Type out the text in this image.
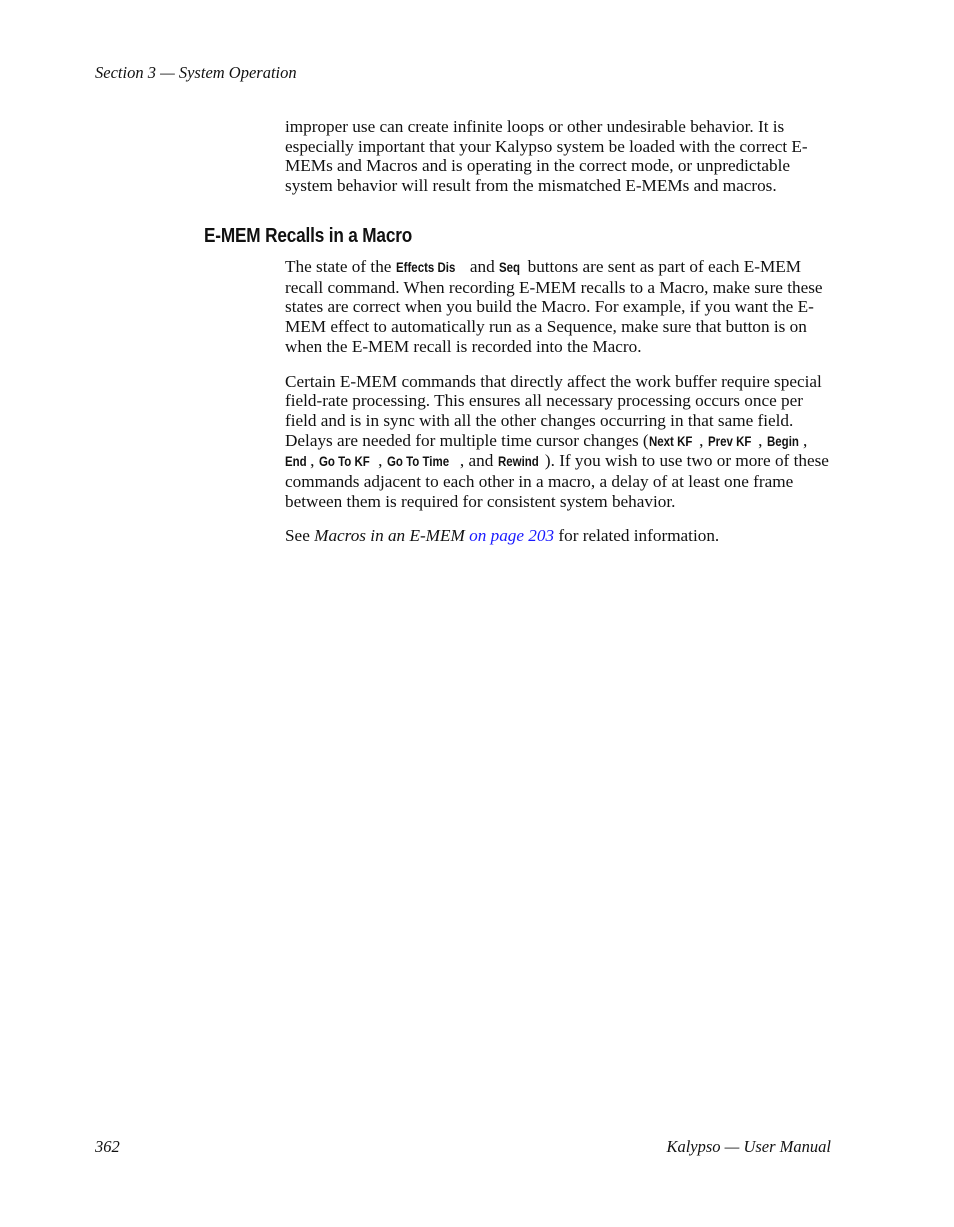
Section 3 — System Operation

improper use can create infinite loops or other undesirable behavior. It is especially important that your Kalypso system be loaded with the correct E-MEMs and Macros and is operating in the correct mode, or unpredictable system behavior will result from the mismatched E-MEMs and macros.

E-MEM Recalls in a Macro

The state of the Effects Dis and Seq buttons are sent as part of each E-MEM recall command. When recording E-MEM recalls to a Macro, make sure these states are correct when you build the Macro. For example, if you want the E-MEM effect to automatically run as a Sequence, make sure that button is on when the E-MEM recall is recorded into the Macro.

Certain E-MEM commands that directly affect the work buffer require special field-rate processing. This ensures all necessary processing occurs once per field and is in sync with all the other changes occurring in that same field. Delays are needed for multiple time cursor changes (Next KF , Prev KF , Begin , End , Go To KF , Go To Time , and Rewind ). If you wish to use two or more of these commands adjacent to each other in a macro, a delay of at least one frame between them is required for consistent system behavior.

See Macros in an E-MEM on page 203 for related information.

362	Kalypso — User Manual
